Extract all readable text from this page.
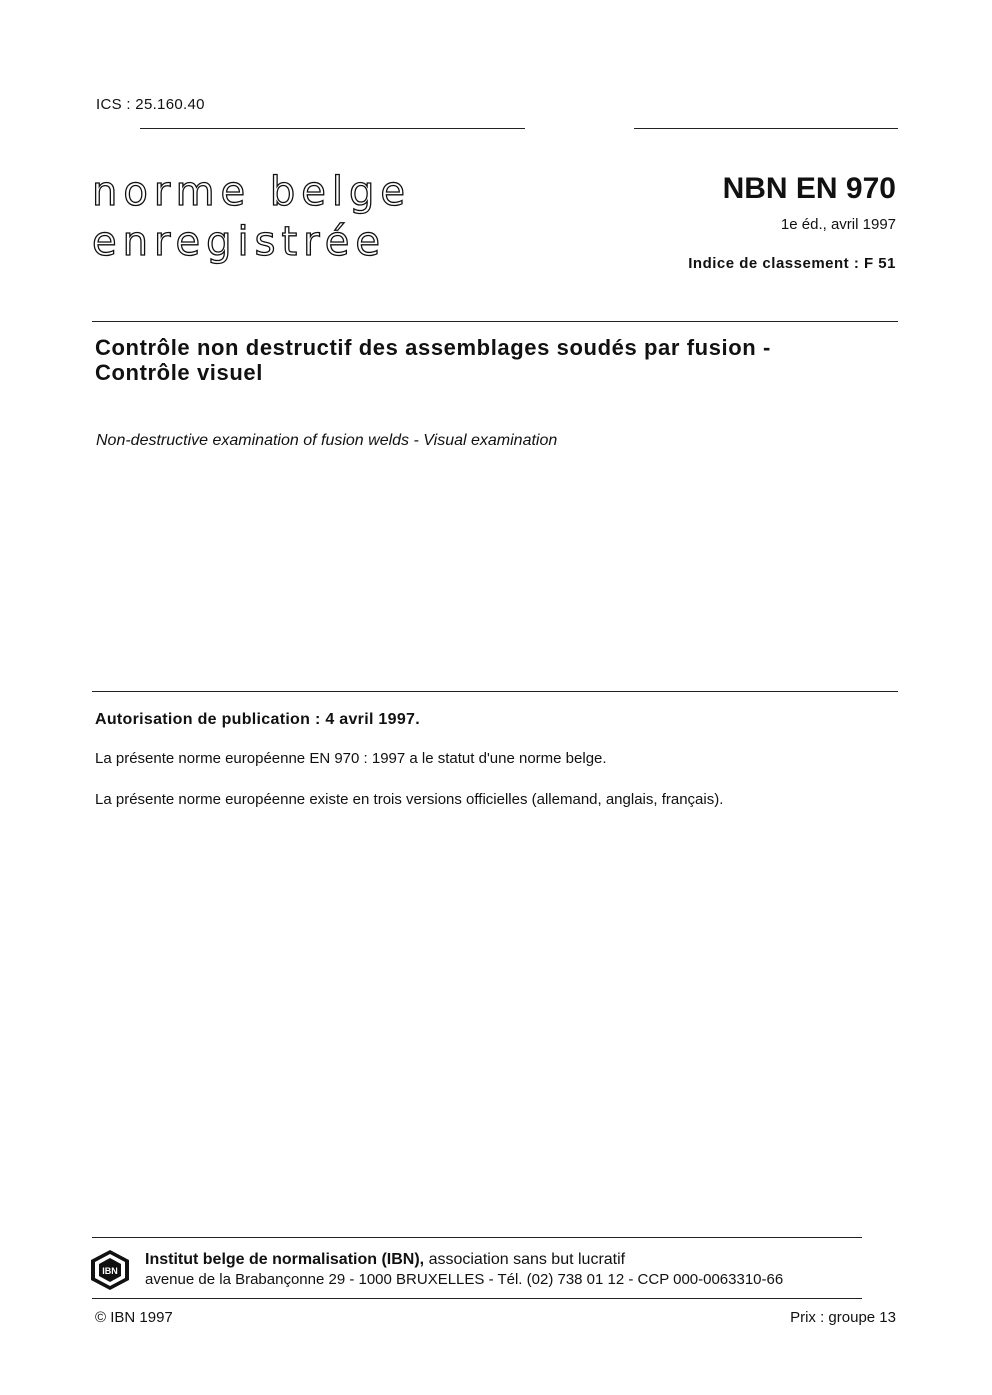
ICS : 25.160.40
norme belge
enregistrée
NBN EN 970
1e éd., avril 1997
Indice de classement : F 51
Contrôle non destructif des assemblages soudés par fusion -
Contrôle visuel
Non-destructive examination of fusion welds - Visual examination
Autorisation de publication : 4 avril 1997.
La présente norme européenne EN 970 : 1997 a le statut d'une norme belge.
La présente norme européenne existe en trois versions officielles (allemand, anglais, français).
IBN
Institut belge de normalisation (IBN), association sans but lucratif
avenue de la Brabançonne 29 - 1000 BRUXELLES - Tél. (02) 738 01 12 - CCP 000-0063310-66
© IBN 1997	Prix : groupe 13
